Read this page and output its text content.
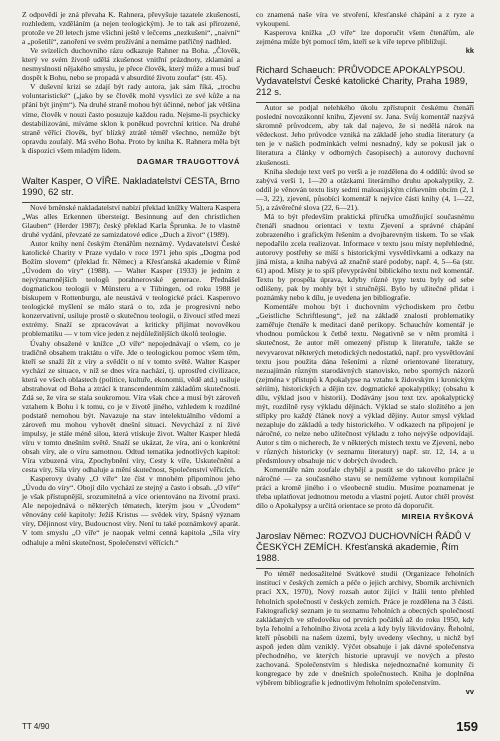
Z odpovědí je zná převaha K. Rahnera, převyšuje tazatele zkušeností, rozhledem, vzděláním (a nejen teologickým). Je to tak asi přirozené, protože ve 20 letech jsme všichni ještě v lečcems „nezkušeni“, „naivní“ a „pošetilí“, zanoření ve svém prožívání a nemáme patřičný nadhled.

Ve svízelích duchovního rázu odkazuje Rahner na Boha. „Člověk, který ve svém životě udělá zkušenost vnitřní prázdnoty, zklamání a nesmyslnosti nějakého smyslu, je přece člověk, který může a musí buď dospět k Bohu, nebo se propadá v absurdité životu zoufat“ (str. 45).

V duševní krizi se zdají být rady autora, jak sám říká, „trochu voluntaristické“ („jako by se člověk mohl vysvlíci ze své kůže a na přání být jiným“). Na druhé straně mohou být účinné, neboť jak většina víme, člověk v nouzi často posuzuje každou radu. Nejsme-li psychicky destabilizováni, míváme sklon k poněkud povrchní kritice. Na druhé straně věřící člověk, byť blízký ztrátě téměř všechno, nemůže být opravdu zoufalý. Má svého Boha. Proto by kniha K. Rahnera měla být k dispozici všem mladým lidem.

DAGMAR TRAUGOTTOVÁ
Walter Kasper, O VÍŘE. Nakladatelství CESTA, Brno 1990, 62 str.

Nové brněnské nakladatelství nabízí překlad knížky Waltera Kaspera „Was alles Erkennen übersteigt. Besinnung auf den christlichen Glauben“ (Herder 1987); český překlad Karla Šprunka. Je to vlastně druhé vydání, převzaté ze samizdatové edice „Duch a život“ (1989).

Autor knihy není českým čtenářům neznámý. Vydavatelství České katolické Charity v Praze vydalo v roce 1971 jeho spis „Dogma pod Božím slovem“ (překlad fr. Němec) a Křesťanská akademie v Římě „Úvodem do víry“ (1988). — Walter Kasper (1933) je jedním z nejvýznamnějších teologů porahnerovské generace. Přednášel dogmatickou teologii v Münsteru a v Tübingen, od roku 1988 je biskupem v Rottenburgu, ale neustává v teologické práci. Kasperovo teologické myšlení se málo stará o to, zda je progresivní nebo konzervativní, usiluje prostě o skutečnou teologii, o živoucí střed mezi extrémy. Snaží se zpracovávat a kriticky přijímat novověkou problematiku — v tom více jeden z nejdůležitějších úkolů teologie.

Úvahy obsažené v knížce „O víře“ nepojednávají o všem, co je tradičně obsahem traktátu o víře. Jde o teologickou pomoc všem těm, kteří se snaží žít z víry a svědčit o ní v tomto světě. Walter Kasper vychází ze situace, v níž se dnes víra nachází, tj. uprostřed civilizace, která ve všech oblastech (politice, kultuře, ekonomii, vědě atd.) usiluje abstrahovat od Boha a ztrácí k transcendentním základům skutečnosti. Zdá se, že víra se stala soukromou. Víra však chce a musí být zároveň vztahem k Bohu i k tomu, co je v životě jiného, vzhledem k rozdílné podstatě nemohou být. Navazuje na stav intelektuálního vědomí a zároveň mu mohou vyhovět dnešní situaci. Nevychází z ní živé impulsy, je stále méně silou, která vtiskuje život. Walter Kasper hledá víru v tomto dnešním světě. Snaží se ukázat, že víra, ani o konkrétní obsah víry, ale o víru samotnou. Odtud tematika jednotlivých kapitol: Víra vzbuzená víra, Zpochybnění víry, Cesty k víře, Uskutečnění a cesta víry, Sila víry odhaluje a mění skutečnost, Společenství věřících.

Kasperovy úvahy „O víře“ lze číst v mnohém připomínou jeho „Úvodu do víry“. Obojí dílo vychází ze stejný a často i obsah. „O víře“ je však přístupnější, srozumitelná a více orientováno na životní praxi. Ale nepojednává o některých tématech, kterým jsou v „Úvodem“ věnovány celé kapitoly: Ježíš Kristus — svědek víry, Spásný význam víry, Dějinnost víry, Budoucnost víry. Není tu také poznámkový aparát. V tom smyslu „O víře“ je naopak velmi cenná kapitola „Síla víry odhaluje a mění skutečnost, Společenství věřících.“

co znamená naše víra ve stvoření, křesťanské chápání a z ryze a vykoupení.

Kasperova knížka „O víře“ lze doporučit všem čtenářům, ale zejména může být pomocí těm, kteří se k víře teprve přiblížují.

kk
Richard Schaeuch: PRŮVODCE APOKALYPSOU. Vydavatelství České katolické Charity, Praha 1989, 212 s.

Autor se podjal nelehkého úkolu zpřístupnit českému čtenáři poslední novozákonní knihu, Zjevení sv. Jana. Svůj komentář nazývá skromně průvodcem, aby tak dal najevo, že si nedělá nárok na vědeckost. Jeho průvodce vzniká na základě jeho studia literatury (a ten je v našich podmínkách velmi nesnadný, kdy se pokusil jak o literatura a články v odborných časopisech) a autorovy duchovní zkušenosti.

Kniha sleduje text verš po verši a je rozdělena do 4 oddílů: úvod se zabývá verši 1, 1—20 a otázkami literárního druhu apokalyptiky, 2. oddíl je věnován textu listy sedmi maloasijským církevním obcím (2, 1—3, 22), zjevení, působící komentář k nejvíce části knihy (4, 1—22, 5), a závěrečné slova (22, 6—21).

Má to být především praktická příručka umožňující současnému čtenáři snadnou orientaci v textu Zjevení a správné chápání zobrazeného i grafickým řešením a dvojbarevným tiskem. To se však nepodařilo zcela realizovat. Informace v textu jsou místy nepřehledné, autorovy postřehy se míší s historickými vysvětlivkami a odkazy na jiná místa, a kniha nabývá až značně staré podoby, např. 4, 5—6a (str. 61) apod. Místy je to spíš převyprávění biblického textu než komentář. Textu by prospěla úprava, kdyby různé typy textu byly od sebe odlišeny, pak by mohly být i stručnější. Bylo by užitečné přidat i poznámky nebo k dílu, je uvedena jen bibliografie.

Komentáře mohou být i duchovním východiskem pro četbu „Geistliche Schriftlesung“, jež na základě znalosti problematiky zaměřuje čtenáře k meditaci daně perikopy. Schauchův komentář je vhodnou pomůckou k četbě textu. Negativně se v něm promítá i skutečnost, že autor měl omezený přístup k literatuře, takže se nevyvarovat některých metodických nedostatků, např. pro vysvětlování textu jsou použita dána řešeními a různé orientované literatury, nezuajímán různým starodávných stanovisko, nebo sporných názorů (zejména v přístupů k Apokalypse na vztahu k židovským i kronickým sériím), historických a dějin tzv. dogmatické apokalyptiky; (obsahu k dílu, výklad jsou v historii). Dodávány jsou text tzv. apokalyptický mýt, rozdílně rysy výkladu dějinách. Výklad se stalo složitého a jen střípky pro každý článek nový a výklad dějiny. Autor smysl výklad nezapluje do základů a tedy historického. V odkazech na připojení je náročné, co nelze nebo užitečnost výkladu z toho nejvýše odpovídají. Autor s tím o nicherech, že v některých místech textu ve Zjevení, nebo v různých historicky (v seznamu literatury) např. str. 12, 14, a u předsmlouvy obsahuje nic v dobrých úvodech.

Komentáře nám zoufale chybějí a pustit se do takového práce je náročné — za současného stavu se nemůžeme vyhnout kompilační práci a kromě jiného i o všeobecně studiu. Musíme poznamenat je třeba uplatňovat jednotnou metodu a vlastní pojetí. Autor chtěl provést dílo o Apokalypsy a určitá orientace se proto dá doporučit.

MIREIA RYŠKOVÁ
Jaroslav Němec: ROZVOJ DUCHOVNÍCH ŘÁDŮ V ČESKÝCH ZEMÍCH. Křesťanská akademie, Řím 1988.

Po téměř nedosažitelné Svátkové studii (Organizace řeholních institucí v českých zemích a péče o jejich archivy, Sborník archivních prací XX, 1970), Nový rozsah autor žijící v Itálii tento přehled řeholních společností v českých zemích. Práce je rozdělena na 3 části. Faktografický seznam je tu seznamu řeholních a obecných společností zakládaných ve středověku od prvních počátků až do roku 1950, kdy byla řeholní a řeholního života zcela a kdy byly likvidovány. Řeholní, kteří působili na našem území, byly uvedeny všechny, u nichž byl aspoň jeden dům vzniklý. Výčet obsahuje i jak dávné společenstva přechodného, ve kterých historie upravují ve nových a přesto zachovaná. Společenstvím s hlediska nejednoznačné komunity či kongregace by zde v dnešních společnostech. Kniha je doplněna výběrem bibliografie k jednotlivým řeholním společenstvím.

vv
TT 4/90	159
